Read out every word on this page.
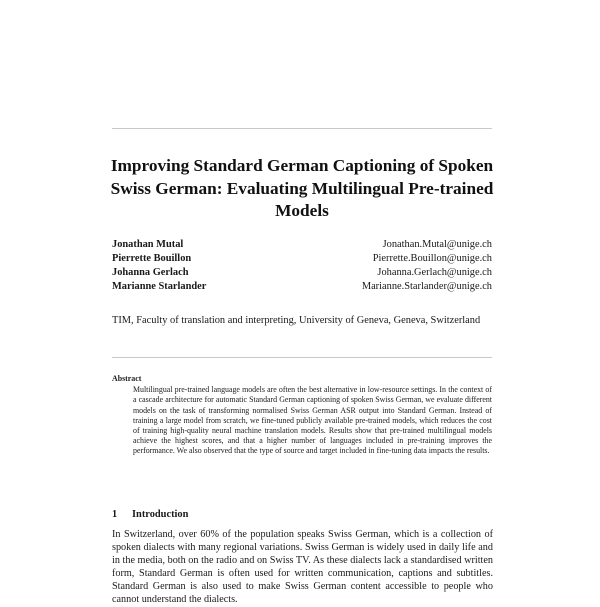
Improving Standard German Captioning of Spoken Swiss German: Evaluating Multilingual Pre-trained Models
Jonathan Mutal	Jonathan.Mutal@unige.ch
Pierrette Bouillon	Pierrette.Bouillon@unige.ch
Johanna Gerlach	Johanna.Gerlach@unige.ch
Marianne Starlander	Marianne.Starlander@unige.ch
TIM, Faculty of translation and interpreting, University of Geneva, Geneva, Switzerland
Abstract
Multilingual pre-trained language models are often the best alternative in low-resource settings. In the context of a cascade architecture for automatic Standard German captioning of spoken Swiss German, we evaluate different models on the task of transforming normalised Swiss German ASR output into Standard German. Instead of training a large model from scratch, we fine-tuned publicly available pre-trained models, which reduces the cost of training high-quality neural machine translation models. Results show that pre-trained multilingual models achieve the highest scores, and that a higher number of languages included in pre-training improves the performance. We also observed that the type of source and target included in fine-tuning data impacts the results.
1 Introduction
In Switzerland, over 60% of the population speaks Swiss German, which is a collection of spoken dialects with many regional variations. Swiss German is widely used in daily life and in the media, both on the radio and on Swiss TV. As these dialects lack a standardised written form, Standard German is often used for written communication, captions and subtitles. Standard German is also used to make Swiss German content accessible to people who cannot understand the dialects.
